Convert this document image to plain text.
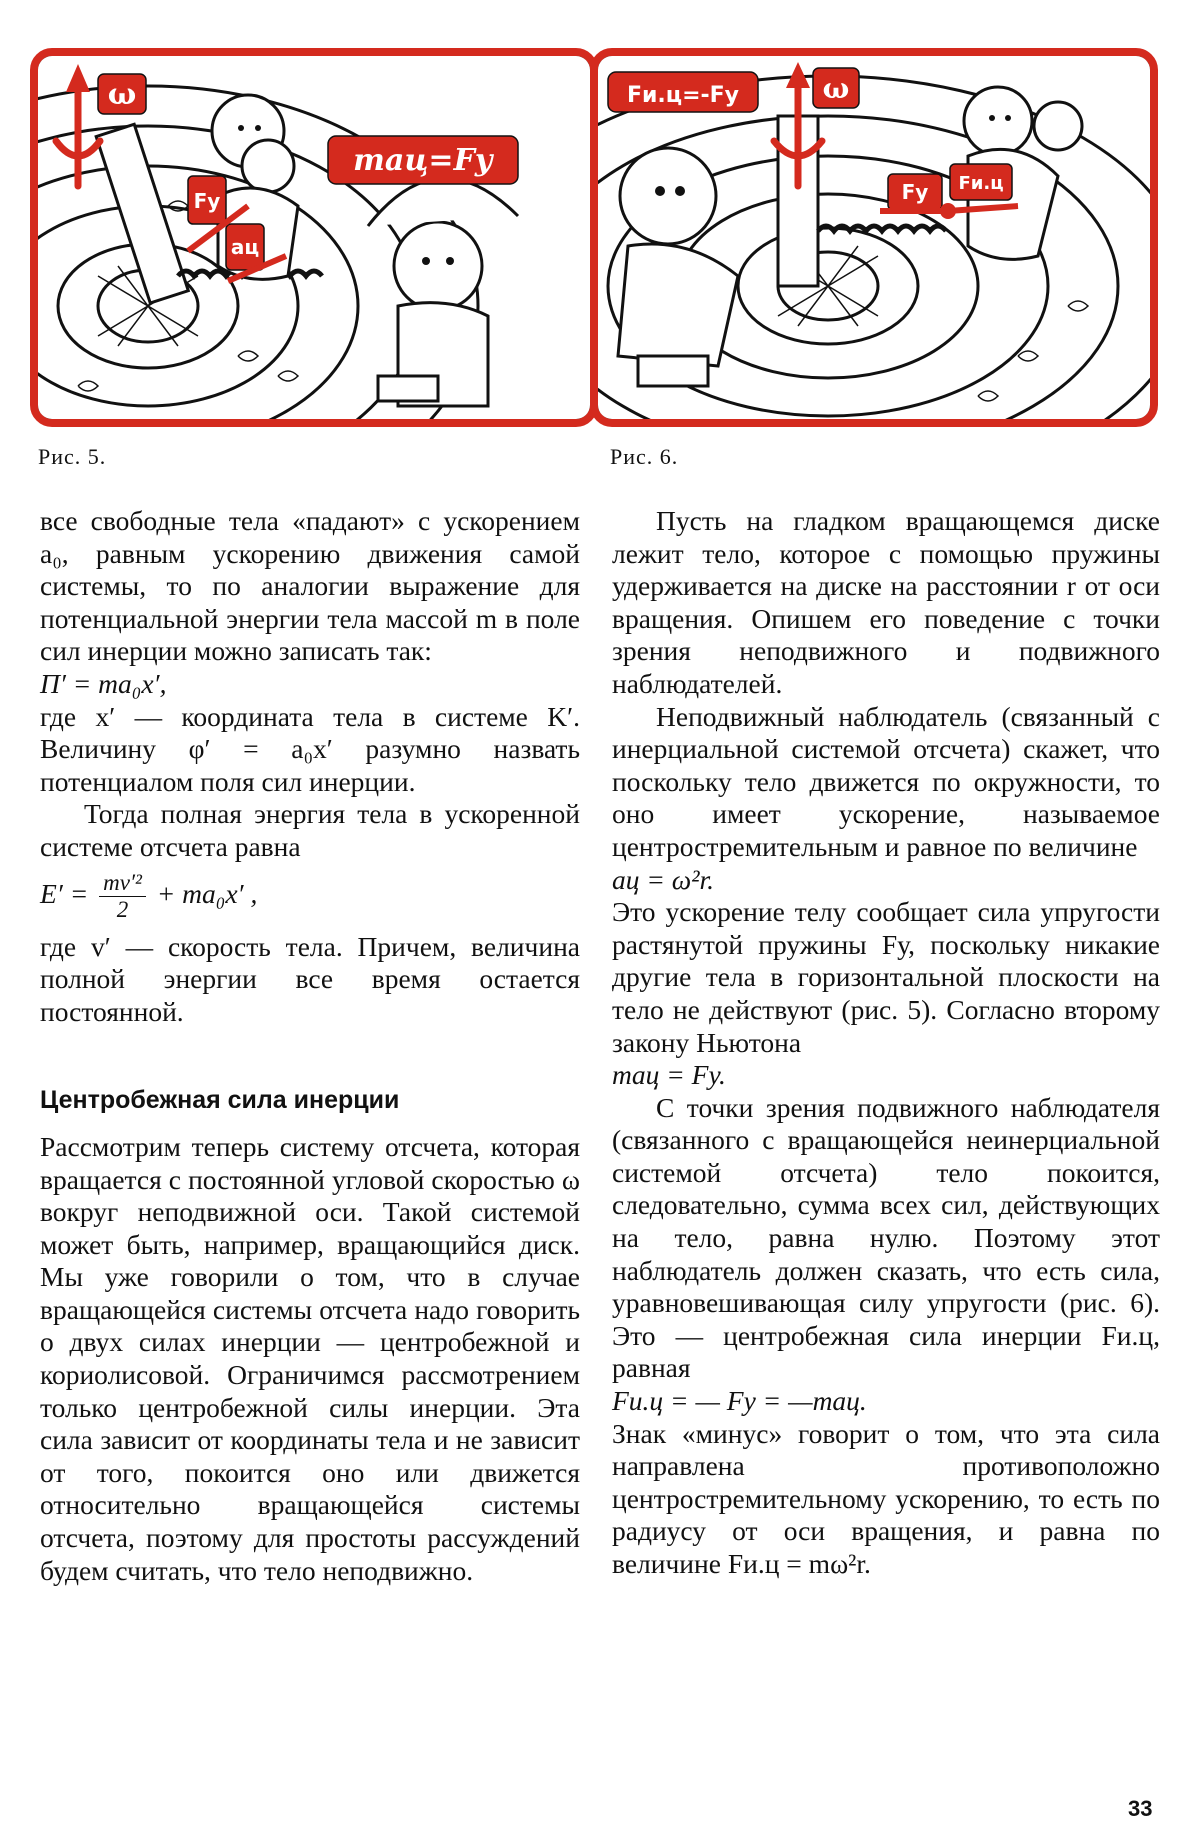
ω
Fу
aц
maц=Fу
Рис. 5.
Fи.ц=-Fу	ω
Fу Fи.ц
Рис. 6.

все свободные тела «падают» с ускорением a₀, равным ускорению движения самой системы, то по аналогии выражение для потенциальной энергии тела массой m в поле сил инерции можно записать так:

П′ = ma₀x′,

где x′ — координата тела в системе K′. Величину φ′ = a₀x′ разумно назвать потенциалом поля сил инерции.

Тогда полная энергия тела в ускоренной системе отсчета равна

$E' = \frac{\text{mv′²}}{2} + ma_0x'$ ,

где v′ — скорость тела. Причем, величина полной энергии все время остается постоянной.

Центробежная сила инерции

Рассмотрим теперь систему отсчета, которая вращается с постоянной угловой скоростью ω вокруг неподвижной оси. Такой системой может быть, например, вращающийся диск. Мы уже говорили о том, что в случае вращающейся системы отсчета надо говорить о двух силах инерции — центробежной и кориолисовой. Ограничимся рассмотрением только центробежной силы инерции. Эта сила зависит от координаты тела и не зависит от того, покоится оно или движется относительно вращающейся системы отсчета, поэтому для простоты рассуждений будем считать, что тело неподвижно.

Пусть на гладком вращающемся диске лежит тело, которое с помощью пружины удерживается на диске на расстоянии r от оси вращения. Опишем его поведение с точки зрения неподвижного и подвижного наблюдателей.

Неподвижный наблюдатель (связанный с инерциальной системой отсчета) скажет, что поскольку тело движется по окружности, то оно имеет ускорение, называемое центростремительным и равное по величине

aц = ω²r.

Это ускорение телу сообщает сила упругости растянутой пружины Fу, поскольку никакие другие тела в горизонтальной плоскости на тело не действуют (рис. 5). Согласно второму закону Ньютона

maц = Fу.

С точки зрения подвижного наблюдателя (связанного с вращающейся неинерциальной системой отсчета) тело покоится, следовательно, сумма всех сил, действующих на тело, равна нулю. Поэтому этот наблюдатель должен сказать, что есть сила, уравновешивающая силу упругости (рис. 6). Это — центробежная сила инерции Fи.ц, равная

Fи.ц = — Fу = —maц.

Знак «минус» говорит о том, что эта сила направлена противоположно центростремительному ускорению, то есть по радиусу от оси вращения, и равна по величине Fи.ц = mω²r.

33
